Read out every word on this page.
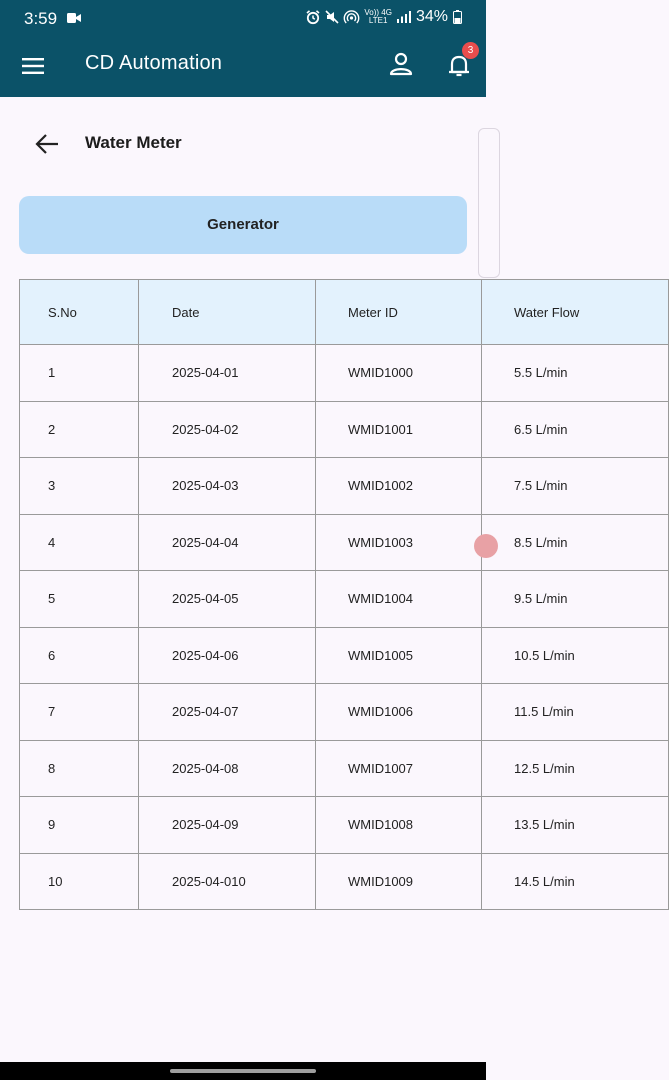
3:59	Vo)) 4G
LTE1 34%
CD Automation
3
Water Meter
Generator
S.No	Date	Meter ID	Water Flow
1	2025-04-01	WMID1000	5.5 L/min
2	2025-04-02	WMID1001	6.5 L/min
3	2025-04-03	WMID1002	7.5 L/min
4	2025-04-04	WMID1003	8.5 L/min
5	2025-04-05	WMID1004	9.5 L/min
6	2025-04-06	WMID1005	10.5 L/min
7	2025-04-07	WMID1006	11.5 L/min
8	2025-04-08	WMID1007	12.5 L/min
9	2025-04-09	WMID1008	13.5 L/min
10	2025-04-010	WMID1009	14.5 L/min
